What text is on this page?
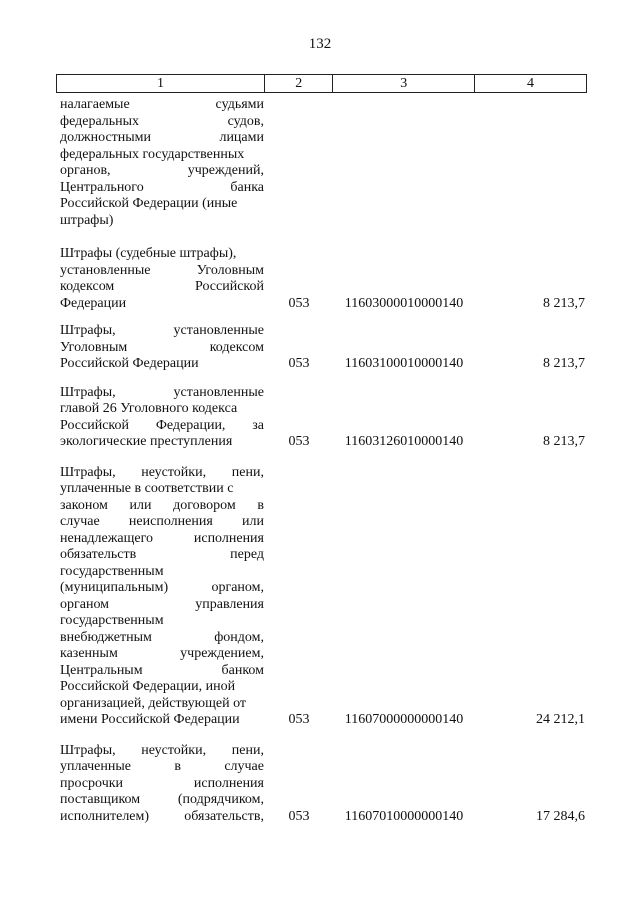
132
1	2	3	4
налагаемые	судьями
федеральных	судов,
должностными	лицами
федеральных государственных
органов,	учреждений,
Центрального	банка
Российской Федерации (иные
штрафы)
Штрафы (судебные штрафы),
установленные	Уголовным
кодексом	Российской
Федерации	053	11603000010000140	8 213,7
Штрафы,	установленные
Уголовным	кодексом
Российской Федерации	053	11603100010000140	8 213,7
Штрафы,	установленные
главой 26 Уголовного кодекса
Российской Федерации, за
экологические преступления	053	11603126010000140	8 213,7
Штрафы, неустойки, пени,
уплаченные в соответствии с
законом или договором в
случае неисполнения или
ненадлежащего	исполнения
обязательств	перед
государственным
(муниципальным)	органом,
органом	управления
государственным
внебюджетным	фондом,
казенным	учреждением,
Центральным	банком
Российской Федерации, иной
организацией, действующей от
имени Российской Федерации	053	11607000000000140	24 212,1
Штрафы, неустойки, пени,
уплаченные	в	случае
просрочки	исполнения
поставщиком	(подрядчиком,
исполнителем)	обязательств,	053	11607010000000140	17 284,6
